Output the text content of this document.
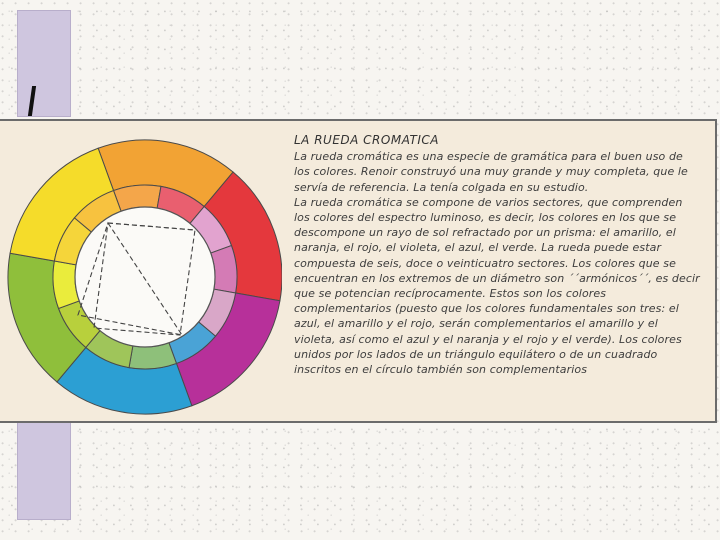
LA RUEDA CROMATICA
La rueda cromática es una especie de gramática para el buen uso de
los colores. Renoir construyó una muy grande y muy completa, que le
servía de referencia. La tenía colgada en su estudio.
La rueda cromática se compone de varios sectores, que comprenden
los colores del espectro luminoso, es decir, los colores en los que se
descompone un rayo de sol refractado por un prisma: el amarillo, el
naranja, el rojo, el violeta, el azul, el verde. La rueda puede estar
compuesta de seis, doce o veinticuatro sectores. Los colores que se
encuentran en los extremos de un diámetro son ´´armónicos´´, es decir
que se potencian recíprocamente. Estos son los colores
complementarios (puesto que los colores fundamentales son tres: el
azul, el amarillo y el rojo, serán complementarios el amarillo y el
violeta, así como el azul y el naranja y el rojo y el verde). Los colores
unidos por los lados de un triángulo equilátero o de un cuadrado
inscritos en el círculo también son complementarios
